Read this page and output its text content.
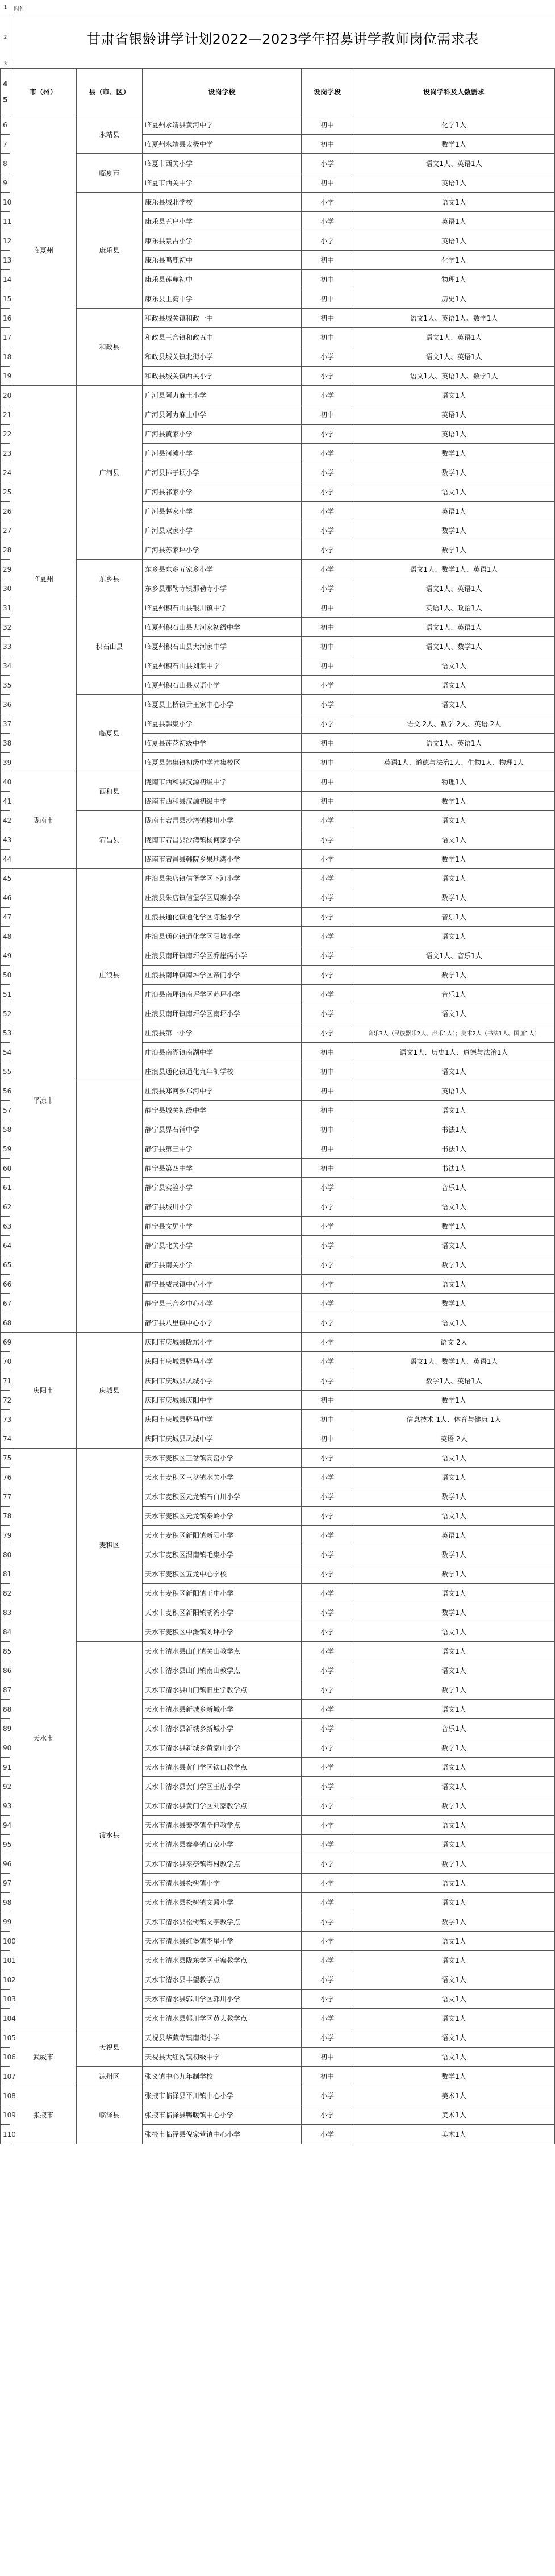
1	附件
2	甘肃省银龄讲学计划2022—2023学年招募讲学教师岗位需求表
3
4

5	市（州）	县（市、区）	设岗学校	设岗学段	设岗学科及人数需求
6	临夏州	永靖县	临夏州永靖县黄河中学	初中	化学1人
7			临夏州永靖县太极中学	初中	数学1人
8		临夏市	临夏市西关小学	小学	语文1人、英语1人
9			临夏市西关中学	初中	英语1人
10		康乐县	康乐县城北学校	小学	语文1人
11			康乐县五户小学	小学	英语1人
12			康乐县景古小学	小学	英语1人
13			康乐县鸣鹿初中	初中	化学1人
14			康乐县莲麓初中	初中	物理1人
15			康乐县上湾中学	初中	历史1人
16		和政县	和政县城关镇和政一中	初中	语文1人、英语1人、数学1人
17			和政县三合镇和政五中	初中	语文1人、英语1人
18			和政县城关镇北街小学	小学	语文1人、英语1人
19			和政县城关镇西关小学	小学	语文1人、英语1人、数学1人
20	临夏州	广河县	广河县阿力麻土小学	小学	语文1人
21			广河县阿力麻土中学	初中	英语1人
22			广河县黄家小学	小学	英语1人
23			广河县河滩小学	小学	数学1人
24			广河县排子坝小学	小学	数学1人
25			广河县祁家小学	小学	语文1人
26			广河县赵家小学	小学	英语1人
27			广河县双家小学	小学	数学1人
28			广河县苏家坪小学	小学	数学1人
29		东乡县	东乡县东乡五家乡小学	小学	语文1人、数学1人、英语1人
30			东乡县那勒寺镇那勒寺小学	小学	语文1人、英语1人
31		积石山县	临夏州积石山县银川镇中学	初中	英语1人、政治1人
32			临夏州积石山县大河家初级中学	初中	语文1人、英语1人
33			临夏州积石山县大河家中学	初中	语文1人、数学1人
34			临夏州积石山县刘集中学	初中	语文1人
35			临夏州积石山县双语小学	小学	语文1人
36		临夏县	临夏县土桥镇尹王家中心小学	小学	语文1人
37			临夏县韩集小学	小学	语文 2人、数学 2人、英语 2人
38			临夏县莲花初级中学	初中	语文1人、英语1人
39			临夏县韩集镇初级中学韩集校区	初中	英语1人、道德与法治1人、生物1人、物理1人
40	陇南市	西和县	陇南市西和县汉源初级中学	初中	物理1人
41			陇南市西和县汉源初级中学	初中	数学1人
42		宕昌县	陇南市宕昌县沙湾镇楼川小学	小学	语文1人
43			陇南市宕昌县沙湾镇杨何家小学	小学	语文1人
44			陇南市宕昌县韩院乡果地湾小学	小学	数学1人
45	平凉市	庄浪县	庄浪县朱店镇信堡学区下河小学	小学	语文1人
46			庄浪县朱店镇信堡学区周寨小学	小学	数学1人
47			庄浪县通化镇通化学区陈堡小学	小学	音乐1人
48			庄浪县通化镇通化学区阳坡小学	小学	语文1人
49			庄浪县南坪镇南坪学区乔崖码小学	小学	语文1人、音乐1人
50			庄浪县南坪镇南坪学区帝门小学	小学	数学1人
51			庄浪县南坪镇南坪学区苏坪小学	小学	音乐1人
52			庄浪县南坪镇南坪学区南坪小学	小学	语文1人
53			庄浪县第一小学	小学	音乐3人（民族器乐2人、声乐1人）；美术2人（书法1人、国画1人）
54			庄浪县南湖镇南湖中学	初中	语文1人、历史1人、道德与法治1人
55			庄浪县通化镇通化九年制学校	初中	语文1人
56			庄浪县郑河乡郑河中学	初中	英语1人
57			静宁县城关初级中学	初中	语文1人
58			静宁县界石铺中学	初中	书法1人
59			静宁县第三中学	初中	书法1人
60			静宁县第四中学	初中	书法1人
61			静宁县实验小学	小学	音乐1人
62			静宁县城川小学	小学	语文1人
63			静宁县文屏小学	小学	数学1人
64			静宁县北关小学	小学	语文1人
65			静宁县南关小学	小学	数学1人
66			静宁县威戎镇中心小学	小学	语文1人
67			静宁县三合乡中心小学	小学	数学1人
68			静宁县八里镇中心小学	小学	语文1人
69	庆阳市	庆城县	庆阳市庆城县陇东小学	小学	语文 2人
70			庆阳市庆城县驿马小学	小学	语文1人、数学1人、英语1人
71			庆阳市庆城县凤城小学	小学	数学1人、英语1人
72			庆阳市庆城县庆阳中学	初中	数学1人
73			庆阳市庆城县驿马中学	初中	信息技术 1人、体育与健康 1人
74			庆阳市庆城县凤城中学	初中	英语 2人
75	天水市	麦积区	天水市麦积区三岔镇高窑小学	小学	语文1人
76			天水市麦积区三岔镇水关小学	小学	语文1人
77			天水市麦积区元龙镇石白川小学	小学	数学1人
78			天水市麦积区元龙镇秦岭小学	小学	语文1人
79			天水市麦积区新阳镇新阳小学	小学	英语1人
80			天水市麦积区渭南镇毛集小学	小学	数学1人
81			天水市麦积区五龙中心学校	小学	数学1人
82			天水市麦积区新阳镇王庄小学	小学	语文1人
83			天水市麦积区新阳镇胡湾小学	小学	数学1人
84			天水市麦积区中滩镇刘坪小学	小学	语文1人
85		清水县	天水市清水县山门镇关山教学点	小学	语文1人
86			天水市清水县山门镇南山教学点	小学	语文1人
87			天水市清水县山门镇旧庄学教学点	小学	数学1人
88			天水市清水县新城乡新城小学	小学	语文1人
89			天水市清水县新城乡新城小学	小学	音乐1人
90			天水市清水县新城乡黄家山小学	小学	数学1人
91			天水市清水县黄门学区铁口教学点	小学	语文1人
92			天水市清水县黄门学区王店小学	小学	语文1人
93			天水市清水县黄门学区刘家教学点	小学	数学1人
94			天水市清水县秦亭镇全但教学点	小学	语文1人
95			天水市清水县秦亭镇百家小学	小学	语文1人
96			天水市清水县秦亭镇寄村教学点	小学	数学1人
97			天水市清水县松树镇小学	小学	语文1人
98			天水市清水县松树镇文殿小学	小学	语文1人
99			天水市清水县松树镇文李教学点	小学	数学1人
100			天水市清水县红堡镇李崖小学	小学	语文1人
101			天水市清水县陇东学区王寨教学点	小学	语文1人
102			天水市清水县丰望教学点	小学	语文1人
103			天水市清水县郭川学区郭川小学	小学	语文1人
104			天水市清水县郭川学区黄大教学点	小学	语文1人
105	武威市	天祝县	天祝县华藏寺镇南街小学	小学	语文1人
106			天祝县大红沟镇初级中学	初中	语文1人
107		凉州区	张义镇中心九年制学校	初中	数学1人
108	张掖市	临泽县	张掖市临泽县平川镇中心小学	小学	美术1人
109			张掖市临泽县鸭暖镇中心小学	小学	美术1人
110			张掖市临泽县倪家营镇中心小学	小学	美术1人
